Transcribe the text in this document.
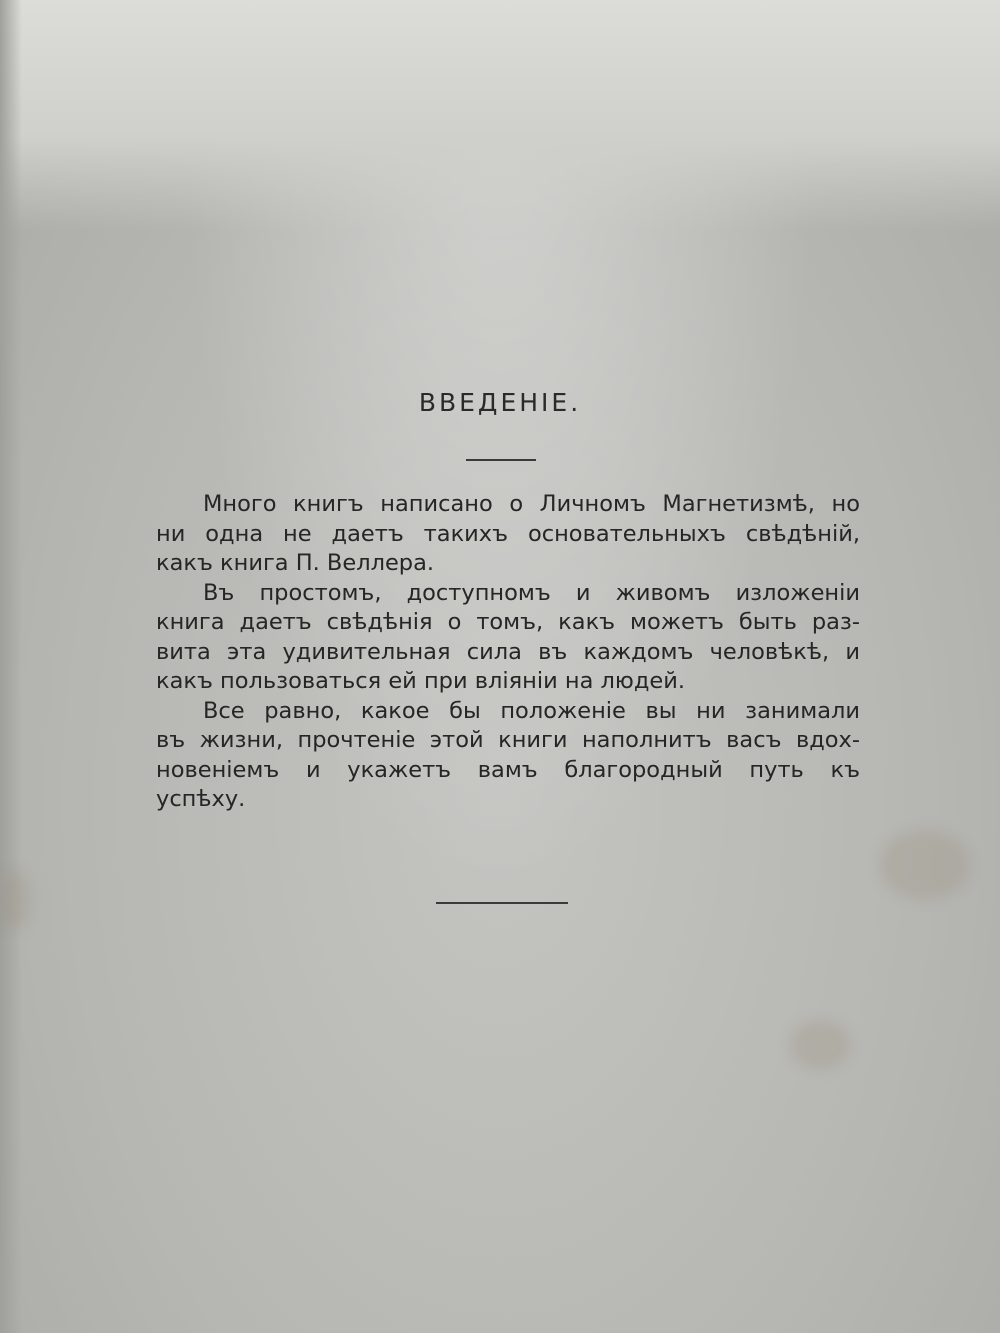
ВВЕДЕНІЕ.
Много книгъ написано о Личномъ Магнетизмѣ, но
ни одна не даетъ такихъ основательныхъ свѣдѣній,
какъ книга П. Веллера.
Въ простомъ, доступномъ и живомъ изложеніи
книга даетъ свѣдѣнія о томъ, какъ можетъ быть раз-
вита эта удивительная сила въ каждомъ человѣкѣ, и
какъ пользоваться ей при вліяніи на людей.
Все равно, какое бы положеніе вы ни занимали
въ жизни, прочтеніе этой книги наполнитъ васъ вдох-
новеніемъ и укажетъ вамъ благородный путь къ
успѣху.
